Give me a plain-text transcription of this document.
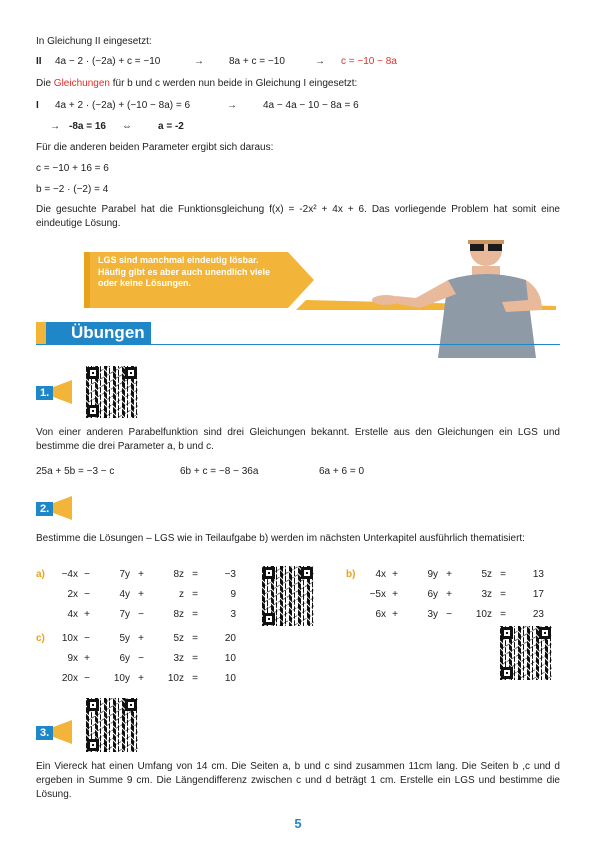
In Gleichung II eingesetzt:
II 4a − 2 · (−2a) + c = −10	→	8a + c = −10	→ c = −10 − 8a
Die Gleichungen für b und c werden nun beide in Gleichung I eingesetzt:
I 4a + 2 · (−2a) + (−10 − 8a) = 6	→	4a − 4a − 10 − 8a = 6
→ -8a = 16 ⇔	a = -2
Für die anderen beiden Parameter ergibt sich daraus:
c = −10 + 16 = 6
b = −2 · (−2) = 4
Die gesuchte Parabel hat die Funktionsgleichung f(x) = -2x² + 4x + 6. Das vorliegende Problem hat somit eine eindeutige Lösung.
LGS sind manchmal eindeutig lösbar. Häufig gibt es aber auch unendlich viele oder keine Lösungen.
Übungen
1.
Von einer anderen Parabelfunktion sind drei Gleichungen bekannt. Erstelle aus den Gleichungen ein LGS und bestimme die drei Parameter a, b und c.
25a + 5b = −3 − c	6b + c = −8 − 36a	6a + 6 = 0
2.
Bestimme die Lösungen – LGS wie in Teilaufgabe b) werden im nächsten Unterkapitel ausführlich thematisiert:
a)	−4x −	7y +	8z =	−3
2x −	4y +	z =	9
4x +	7y −	8z =	3
b)	4x +	9y +	5z =	13
−5x +	6y +	3z =	17
6x +	3y −	10z =	23
c)	10x −	5y +	5z =	20
9x +	6y −	3z =	10
20x −	10y +	10z =	10
3.
Ein Viereck hat einen Umfang von 14 cm. Die Seiten a, b und c sind zusammen 11cm lang. Die Seiten b ,c und d ergeben in Summe 9 cm. Die Längendifferenz zwischen c und d beträgt 1 cm. Erstelle ein LGS und bestimme die Lösung.
5
